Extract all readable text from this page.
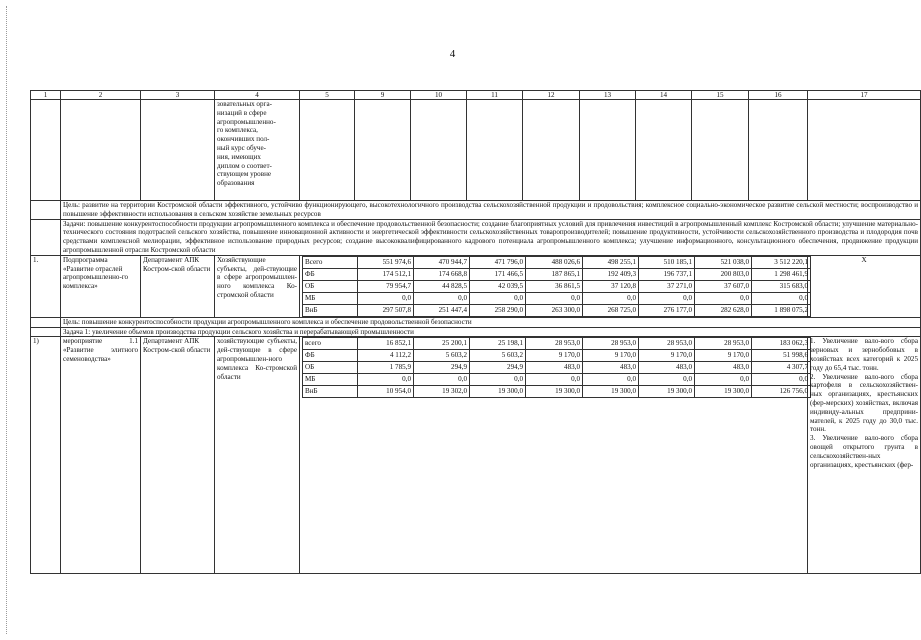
4
1	2	3	4	5	9	10	11	12	13	14	15	16	17
			зовательных орга-
низаций в сфере
агропромышленно-
го комплекса,
окончивших пол-
ный курс обучe-
ния, имеющих
диплом о соответ-
ствующем уровне
образования										
	Цель: развитие на территории Костромской области эффективного, устойчиво функционирующего, высокотехнологичного производства сельскохозяйственной продукции и продовольствия; комплексное социально-экономическое развитие сельской местности; воспроизводство и повышение эффективности использования в сельском хозяйстве земельных ресурсов
	Задачи: повышение конкурентоспособности продукции агропромышленного комплекса и обеспечение продовольственной безопасности; создание благоприятных условий для привлечения инвестиций в агропромышленный комплекс Костромской области; улучшение материально-технического состояния подотраслей сельского хозяйства, повышение инновационной активности и энергетической эффективности сельскохозяйственных товаропроизводителей; повышение продуктивности, устойчивости сельскохозяйственного производства и плодородия почв средствами комплексной мелиорации, эффективное использование природных ресурсов; создание высококвалифицированного кадрового потенциала агропромышленного комплекса; улучшение информационного, консультационного обеспечения, продвижение продукции агропромышленной отрасли Костромской области
1.	Подпрограмма «Развитие отраслей агропромышленно-го комплекса»	Департамент АПК Костром-ской области	Хозяйствующие субъекты, дей-ствующие в сфере агропромышлен-ного комплекса Ко-стромской области	
Всего	551 974,6	470 944,7	471 796,0	488 026,6	498 255,1	510 185,1	521 038,0	3 512 220,1
ФБ	174 512,1	174 668,8	171 466,5	187 865,1	192 409,3	196 737,1	200 803,0	1 298 461,9
ОБ	79 954,7	44 828,5	42 039,5	36 861,5	37 120,8	37 271,0	37 607,0	315 683,0
МБ	0,0	0,0	0,0	0,0	0,0	0,0	0,0	0,0
ВнБ	297 507,8	251 447,4	258 290,0	263 300,0	268 725,0	276 177,0	282 628,0	1 898 075,2
	Х
	Цель: повышение конкурентоспособности продукции агропромышленного комплекса и обеспечение продовольственной безопасности
	Задача 1: увеличение объемов производства продукции сельского хозяйства и перерабатывающей промышленности
1)	мероприятие 1.1 «Развитие элитного семеноводства»	Департамент АПК Костром-ской области	хозяйствующие субъекты, дей-ствующие в сфере агропромышлен-ного комплекса Ко-стромской области	
всего	16 852,1	25 200,1	25 198,1	28 953,0	28 953,0	28 953,0	28 953,0	183 062,3
ФБ	4 112,2	5 603,2	5 603,2	9 170,0	9 170,0	9 170,0	9 170,0	51 998,6
ОБ	1 785,9	294,9	294,9	483,0	483,0	483,0	483,0	4 307,7
МБ	0,0	0,0	0,0	0,0	0,0	0,0	0,0	0,0
ВнБ	10 954,0	19 302,0	19 300,0	19 300,0	19 300,0	19 300,0	19 300,0	126 756,0
	1. Увеличение вало-вого сбора зерновых и зернобобовых в хозяйствах всех категорий к 2025 году до 65,4 тыс. тонн.
2. Увеличение вало-вого сбора картофеля в сельскохозяйствен-ных организациях, крестьянских (фер-мерских) хозяйствах, включая индивиду-альных предприни-мателей, к 2025 году до 30,0 тыс. тонн.
3. Увеличение вало-вого сбора овощей открытого грунта в сельскохозяйствен-ных организациях, крестьянских (фер-
